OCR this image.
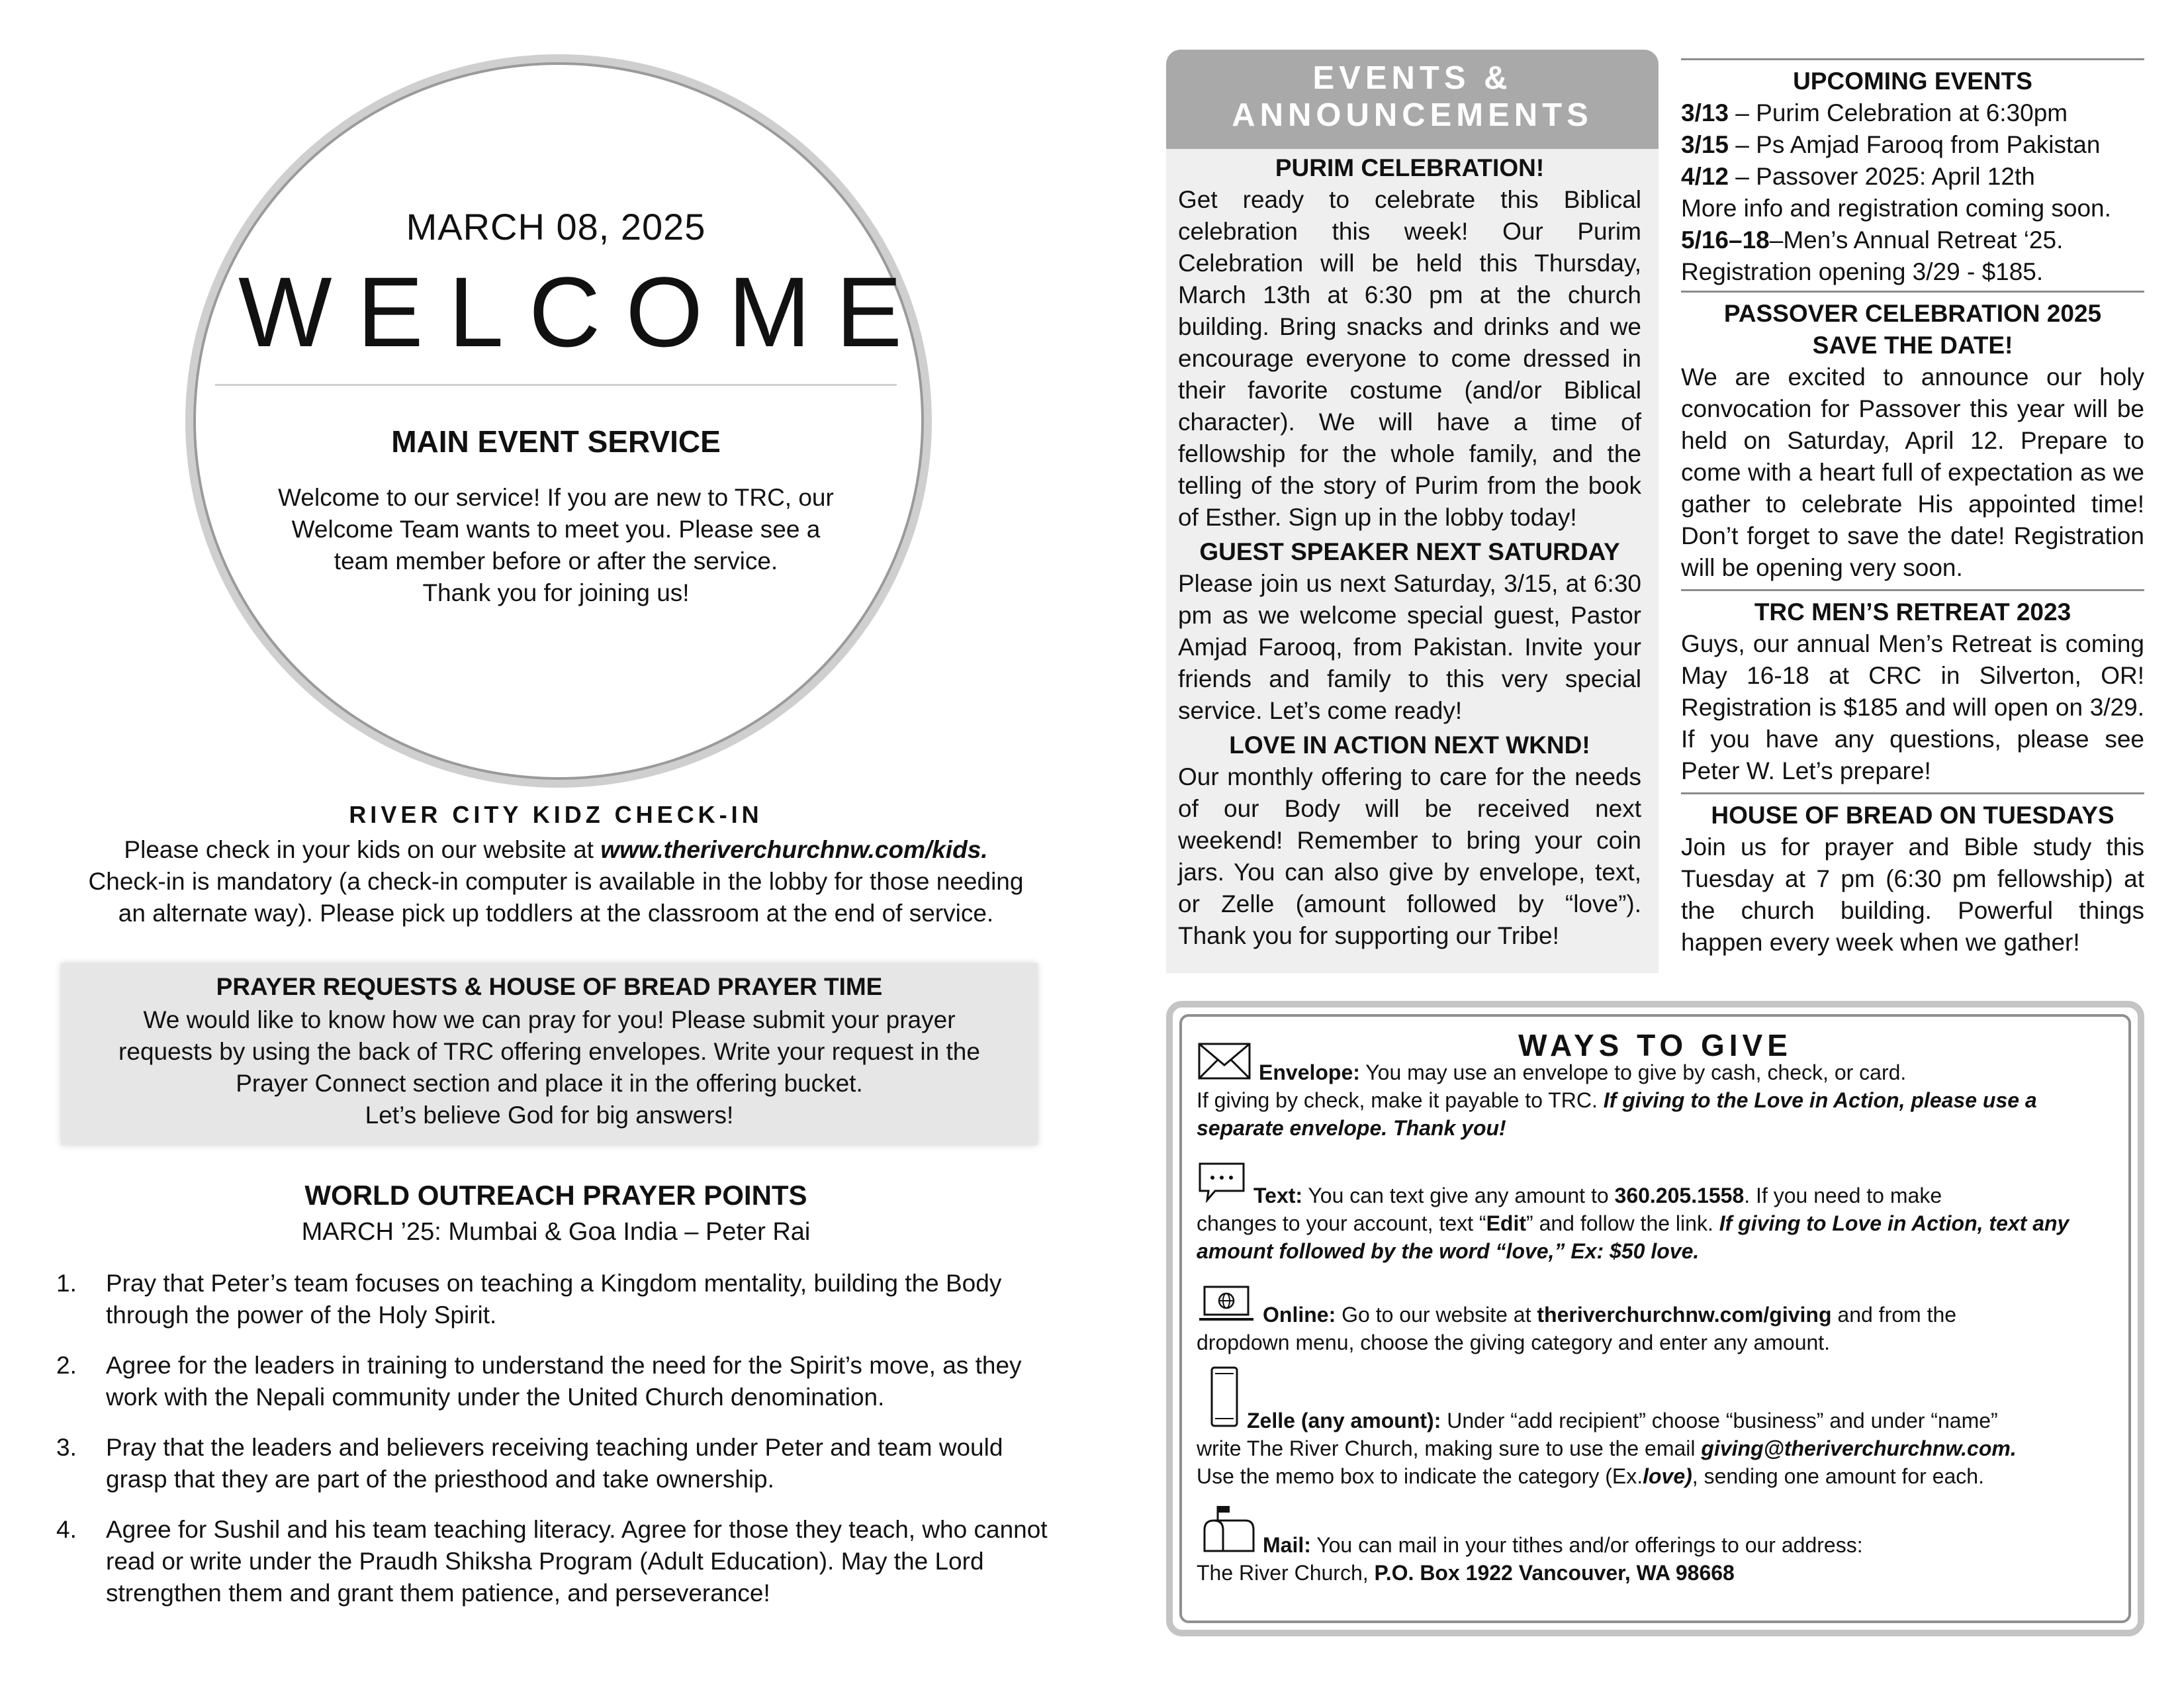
MARCH 08, 2025
WELCOME
MAIN EVENT SERVICE
Welcome to our service! If you are new to TRC, our
Welcome Team wants to meet you. Please see a
team member before or after the service.
Thank you for joining us!
RIVER CITY KIDZ CHECK-IN
Please check in your kids on our website at www.theriverchurchnw.com/kids.
Check-in is mandatory (a check-in computer is available in the lobby for those needing
an alternate way). Please pick up toddlers at the classroom at the end of service.
PRAYER REQUESTS & HOUSE OF BREAD PRAYER TIME
We would like to know how we can pray for you! Please submit your prayer
requests by using the back of TRC offering envelopes. Write your request in the
Prayer Connect section and place it in the offering bucket.
Let’s believe God for big answers!
WORLD OUTREACH PRAYER POINTS
MARCH ’25: Mumbai & Goa India – Peter Rai
1. Pray that Peter’s team focuses on teaching a Kingdom mentality, building the Body through the power of the Holy Spirit.
2. Agree for the leaders in training to understand the need for the Spirit’s move, as they work with the Nepali community under the United Church denomination.
3. Pray that the leaders and believers receiving teaching under Peter and team would grasp that they are part of the priesthood and take ownership.
4. Agree for Sushil and his team teaching literacy. Agree for those they teach, who cannot read or write under the Praudh Shiksha Program (Adult Education). May the Lord strengthen them and grant them patience, and perseverance!
EVENTS &
ANNOUNCEMENTS
PURIM CELEBRATION!
Get ready to celebrate this Biblical celebration this week! Our Purim Celebration will be held this Thursday, March 13th at 6:30 pm at the church building. Bring snacks and drinks and we encourage everyone to come dressed in their favorite costume (and/or Biblical character). We will have a time of fellowship for the whole family, and the telling of the story of Purim from the book of Esther. Sign up in the lobby today!
GUEST SPEAKER NEXT SATURDAY
Please join us next Saturday, 3/15, at 6:30 pm as we welcome special guest, Pastor Amjad Farooq, from Pakistan. Invite your friends and family to this very special service. Let’s come ready!
LOVE IN ACTION NEXT WKND!
Our monthly offering to care for the needs of our Body will be received next weekend! Remember to bring your coin jars. You can also give by envelope, text, or Zelle (amount followed by “love”). Thank you for supporting our Tribe!
UPCOMING EVENTS
3/13 – Purim Celebration at 6:30pm
3/15 – Ps Amjad Farooq from Pakistan
4/12 – Passover 2025: April 12th
More info and registration coming soon.
5/16–18–Men’s Annual Retreat ‘25.
Registration opening 3/29 - $185.
PASSOVER CELEBRATION 2025
SAVE THE DATE!
We are excited to announce our holy convocation for Passover this year will be held on Saturday, April 12. Prepare to come with a heart full of expectation as we gather to celebrate His appointed time! Don’t forget to save the date! Registration will be opening very soon.
TRC MEN’S RETREAT 2023
Guys, our annual Men’s Retreat is coming May 16-18 at CRC in Silverton, OR! Registration is $185 and will open on 3/29. If you have any questions, please see Peter W. Let’s prepare!
HOUSE OF BREAD ON TUESDAYS
Join us for prayer and Bible study this Tuesday at 7 pm (6:30 pm fellowship) at the church building. Powerful things happen every week when we gather!
WAYS TO GIVE
Envelope: You may use an envelope to give by cash, check, or card.
If giving by check, make it payable to TRC. If giving to the Love in Action, please use a separate envelope. Thank you!
Text: You can text give any amount to 360.205.1558. If you need to make
changes to your account, text “Edit” and follow the link. If giving to Love in Action, text any amount followed by the word “love,” Ex: $50 love.
Online: Go to our website at theriverchurchnw.com/giving and from the
dropdown menu, choose the giving category and enter any amount.
Zelle (any amount): Under “add recipient” choose “business” and under “name”
write The River Church, making sure to use the email giving@theriverchurchnw.com.
Use the memo box to indicate the category (Ex.love), sending one amount for each.
Mail: You can mail in your tithes and/or offerings to our address:
The River Church, P.O. Box 1922 Vancouver, WA 98668
